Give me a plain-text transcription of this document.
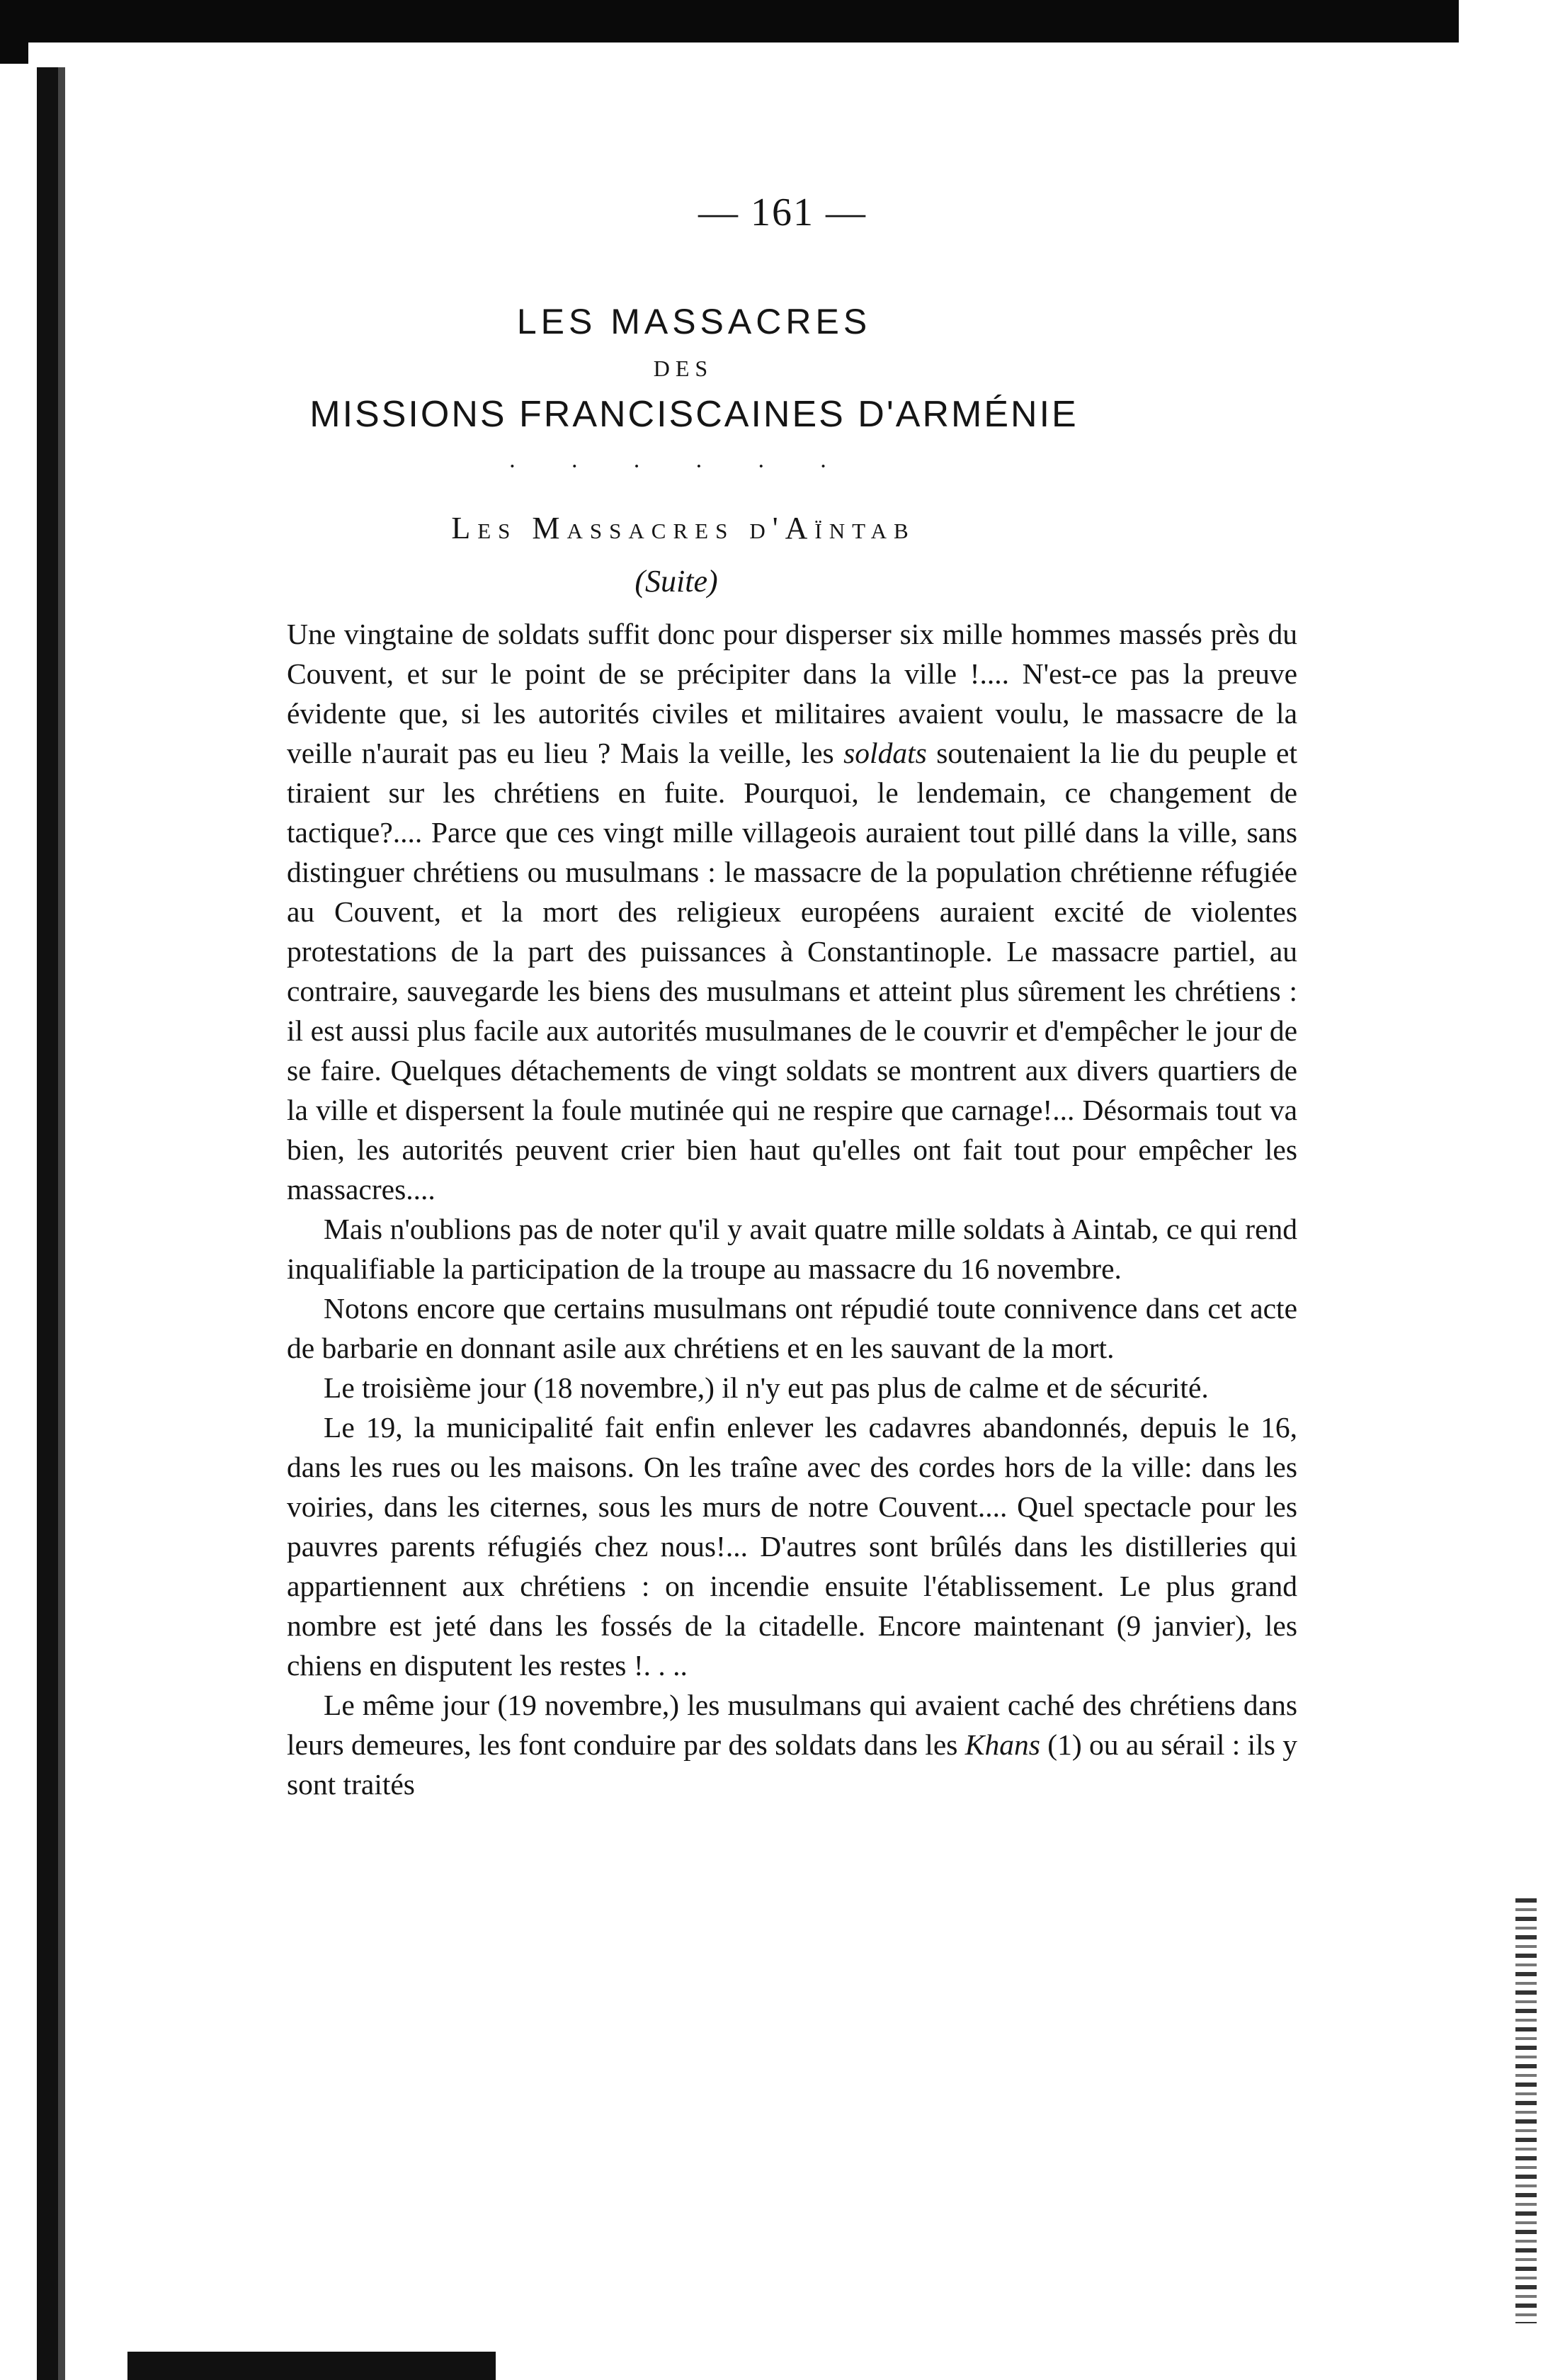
— 161 —
LES MASSACRES
DES
MISSIONS FRANCISCAINES D'ARMÉNIE
· · · · · ·
Les Massacres d'Aïntab
(Suite)

Une vingtaine de soldats suffit donc pour disperser six mille hommes massés près du Couvent, et sur le point de se précipiter dans la ville !.... N'est-ce pas la preuve évidente que, si les autorités civiles et militaires avaient voulu, le massacre de la veille n'aurait pas eu lieu ? Mais la veille, les soldats soutenaient la lie du peuple et tiraient sur les chrétiens en fuite. Pourquoi, le lendemain, ce changement de tactique?.... Parce que ces vingt mille villageois auraient tout pillé dans la ville, sans distinguer chrétiens ou musulmans : le massacre de la population chrétienne réfugiée au Couvent, et la mort des religieux européens auraient excité de violentes protestations de la part des puissances à Constantinople. Le massacre partiel, au contraire, sauvegarde les biens des musulmans et atteint plus sûrement les chrétiens : il est aussi plus facile aux autorités musulmanes de le couvrir et d'empêcher le jour de se faire. Quelques détachements de vingt soldats se montrent aux divers quartiers de la ville et dispersent la foule mutinée qui ne respire que carnage!... Désormais tout va bien, les autorités peuvent crier bien haut qu'elles ont fait tout pour empêcher les massacres....

Mais n'oublions pas de noter qu'il y avait quatre mille soldats à Aintab, ce qui rend inqualifiable la participation de la troupe au massacre du 16 novembre.

Notons encore que certains musulmans ont répudié toute connivence dans cet acte de barbarie en donnant asile aux chrétiens et en les sauvant de la mort.

Le troisième jour (18 novembre,) il n'y eut pas plus de calme et de sécurité.

Le 19, la municipalité fait enfin enlever les cadavres abandonnés, depuis le 16, dans les rues ou les maisons. On les traîne avec des cordes hors de la ville: dans les voiries, dans les citernes, sous les murs de notre Couvent.... Quel spectacle pour les pauvres parents réfugiés chez nous!... D'autres sont brûlés dans les distilleries qui appartiennent aux chrétiens : on incendie ensuite l'établissement. Le plus grand nombre est jeté dans les fossés de la citadelle. Encore maintenant (9 janvier), les chiens en disputent les restes !. . ..

Le même jour (19 novembre,) les musulmans qui avaient caché des chrétiens dans leurs demeures, les font conduire par des soldats dans les Khans (1) ou au sérail : ils y sont traités
